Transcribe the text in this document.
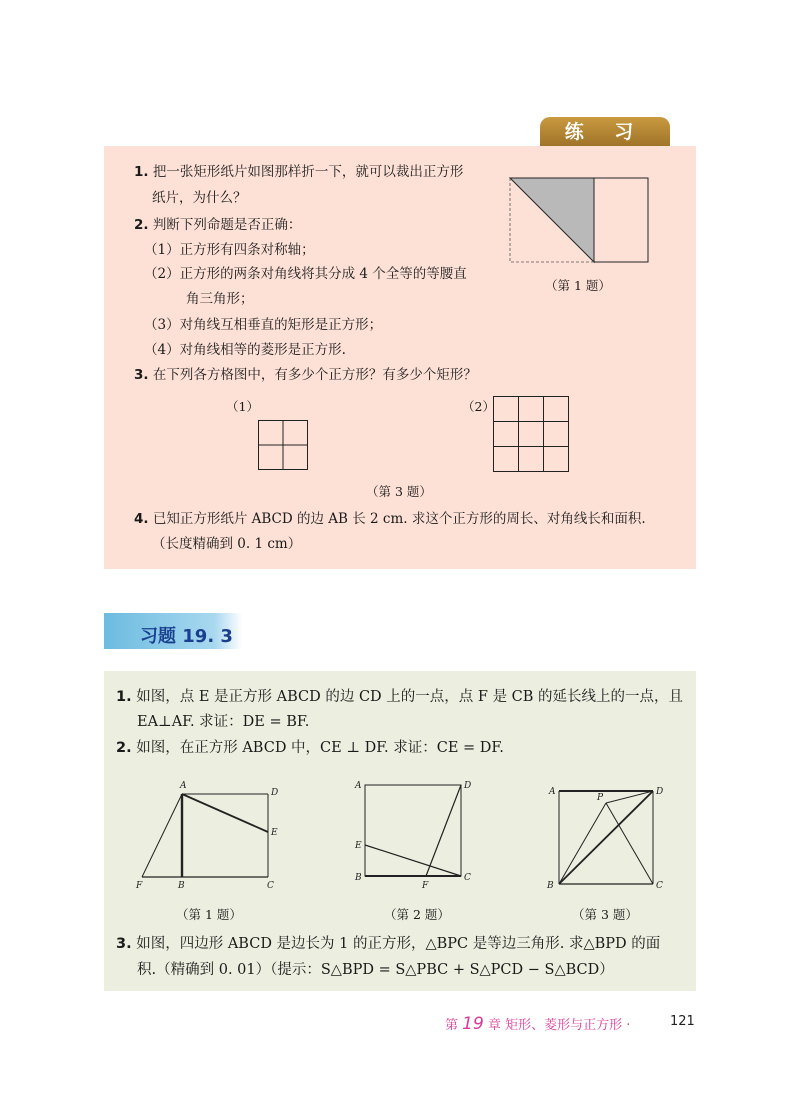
练 习
1. 把一张矩形纸片如图那样折一下，就可以裁出正方形
纸片，为什么？
2. 判断下列命题是否正确：
（1）正方形有四条对称轴；
（2）正方形的两条对角线将其分成 4 个全等的等腰直
角三角形；
（3）对角线互相垂直的矩形是正方形；
（4）对角线相等的菱形是正方形.
（第 1 题）
3. 在下列各方格图中，有多少个正方形？有多少个矩形？
（1）	（2）
（第 3 题）
4. 已知正方形纸片 ABCD 的边 AB 长 2 cm. 求这个正方形的周长、对角线长和面积.
（长度精确到 0. 1 cm）
习题 19. 3
1. 如图，点 E 是正方形 ABCD 的边 CD 上的一点，点 F 是 CB 的延长线上的一点，且
EA⊥AF. 求证：DE = BF.
2. 如图，在正方形 ABCD 中，CE ⊥ DF. 求证：CE = DF.
A
D
E
F	B	C
（第 1 题）
A	D
E
B
F
C
（第 2 题）
A
P
D
B	C
（第 3 题）
3. 如图，四边形 ABCD 是边长为 1 的正方形，△BPC 是等边三角形. 求△BPD 的面
积.（精确到 0. 01）（提示：S△BPD = S△PBC + S△PCD − S△BCD）
第 19 章 矩形、菱形与正方形 ·	121
